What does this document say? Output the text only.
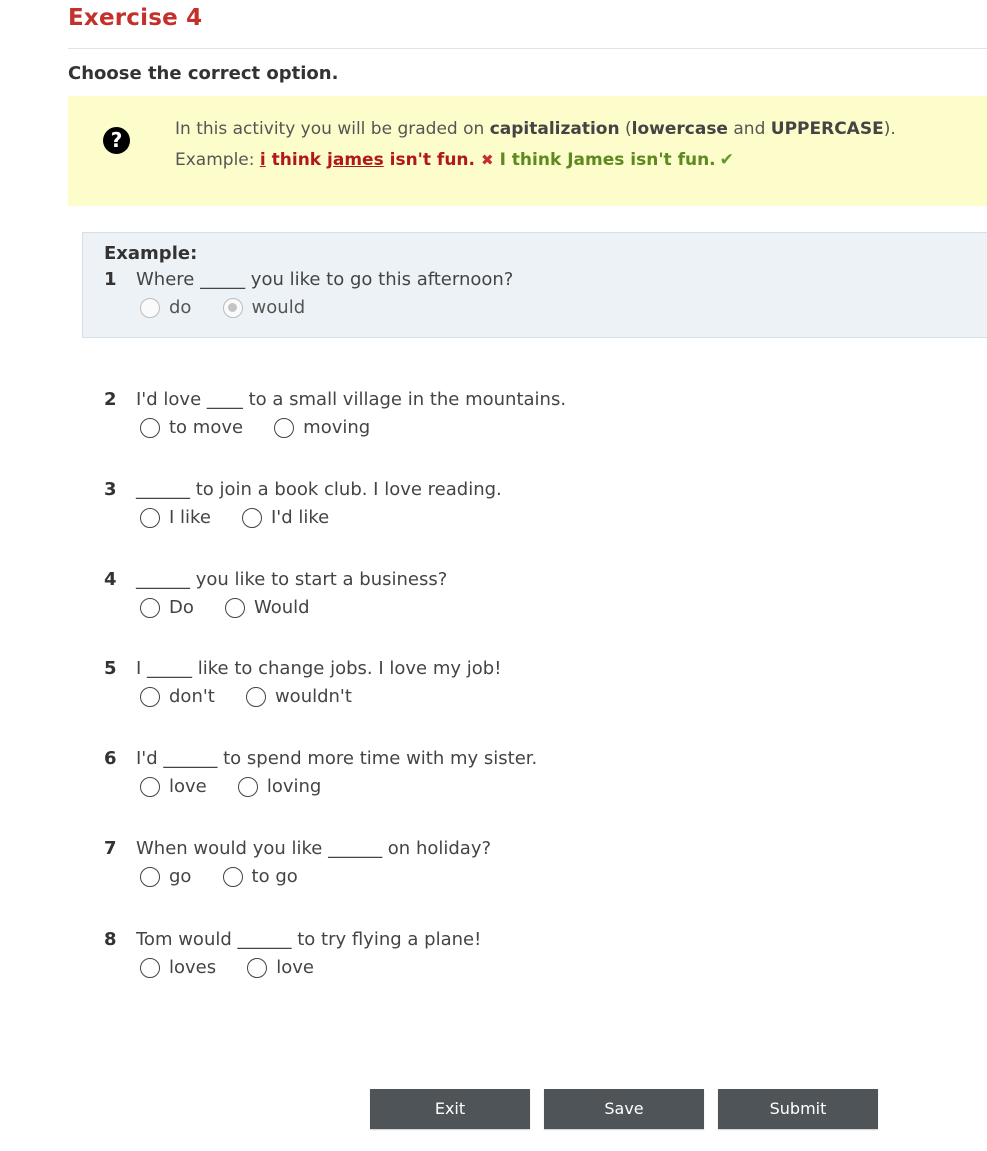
Exercise 4
Choose the correct option.
?	In this activity you will be graded on capitalization (lowercase and UPPERCASE).
Example: i think james isn't fun. ✖ I think James isn't fun. ✔
Example:
1 Where _____ you like to go this afternoon?
do
	would
2 I'd love ____ to a small village in the mountains.
to move
	moving
3 ______ to join a book club. I love reading.
I like
	I'd like
4 ______ you like to start a business?
Do
	Would
5 I _____ like to change jobs. I love my job!
don't
	wouldn't
6 I'd ______ to spend more time with my sister.
love
	loving
7 When would you like ______ on holiday?
go
	to go
8 Tom would ______ to try flying a plane!
loves
	love
Exit	Save	Submit
